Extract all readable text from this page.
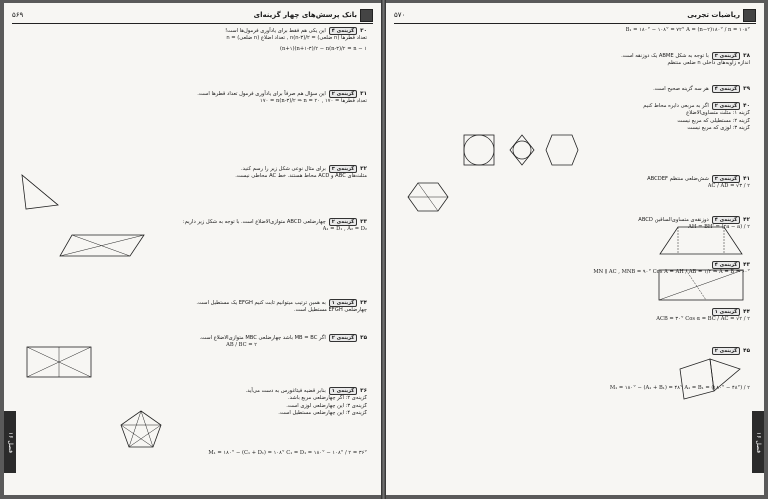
۵۶۹	بانک پرسش‌های چهار گزینه‌ای
فصل ۱۶
۳۰گزینه‌ی ۴این یکی هم فقط برای یادآوری فرمول‌ها است!
تعداد قطرها (n ضلعی) = n(n-۳)/۲ , تعداد اضلاع (n ضلعی) = n
(n+۱)(n+۱-۳)/۲ − n(n-۳)/۲ = n − ۱
۳۱گزینه‌ی ۲این سؤال هم صرفاً برای یادآوری فرمول تعداد قطرها است.
۱۷۰ = n(n-۳)/۲ ⇒ n = ۲۰ , تعداد قطرها = ۱۷۰
۳۲گزینه‌ی ۳برای مثال نوعی شکل زیر را رسم کنید.
مثلث‌های ABC و ACD محاط هستند. خط AC محاطی نیست.
۳۳گزینه‌ی ۲چهارضلعی ABCD متوازی‌الاضلاع است. با توجه به شکل زیر داریم:
Â₁ = D̂₁ , Â₂ = D̂₂
۳۴گزینه‌ی ۱به همین ترتیب میتوانیم ثابت کنیم EFGH یک مستطیل است.
چهارضلعی EFGH مستطیل است.
۳۵گزینه‌ی ۲اگر MB = BC باشد چهارضلعی MBC متوازی‌الاضلاع است.
AB / BC = ۲
۳۶گزینه‌ی ۱بنابر قضیه فیثاغورس به دست می‌آید.
گزینه‌ی ۲: اگر چهارضلعی مربع باشد.
گزینه‌ی ۳: این چهارضلعی لوزی است.
گزینه‌ی ۴: این چهارضلعی مستطیل است.
Ĉ₁ = D̂₁ = ۱۸۰° − ۱۰۸° / ۲ = ۳۶° M̂₁ = ۱۸۰° − (Ĉ₁ + D̂₁) = ۱۰۸°
۵۷۰	ریاضیات تجربی
فصل ۱۶
Â = (n−۲)۱۸۰° / n = ۱۰۸° B̂₁ = ۱۸۰° − ۱۰۸° = ۷۲°
۳۸گزینه‌ی ۳با توجه به شکل ABME یک ذوزنقه است.
اندازه زاویه‌های داخلی n ضلعی منتظم
۳۹گزینه‌ی ۴هر سه گزینه صحیح است.
۴۰گزینه‌ی ۲اگر به مربعی دایره محاط کنیم
گزینه ۱: مثلث متساوی‌الاضلاع
گزینه ۲: مستطیلی که مربع نیست
گزینه ۳: لوزی که مربع نیست
۴۱گزینه‌ی ۳شش‌ضلعی منتظم ABCDEF
AC / AD = √۳ / ۲
۴۲گزینه‌ی ۴ذوزنقه‌ی متساوی‌الساقین ABCD
AH = BH' = (۲a − a) / ۲
۴۳گزینه‌ی ۴
Cos Â = AH / AB = ۱/۲ ⇒ Â = B̂ = ۶۰° MN ∥ AC , MNB = ۹۰°
۴۴گزینه‌ی ۱
Cos α = BC / AC = √۲ / ۲ ACB = ۳۰°
۴۵گزینه‌ی ۲
Â₁ = B̂₁ = (۱۸۰° − ۴۸°) / ۲ M̂₁ = ۱۸۰° − (Â₁ + B̂₁) = ۴۸°
